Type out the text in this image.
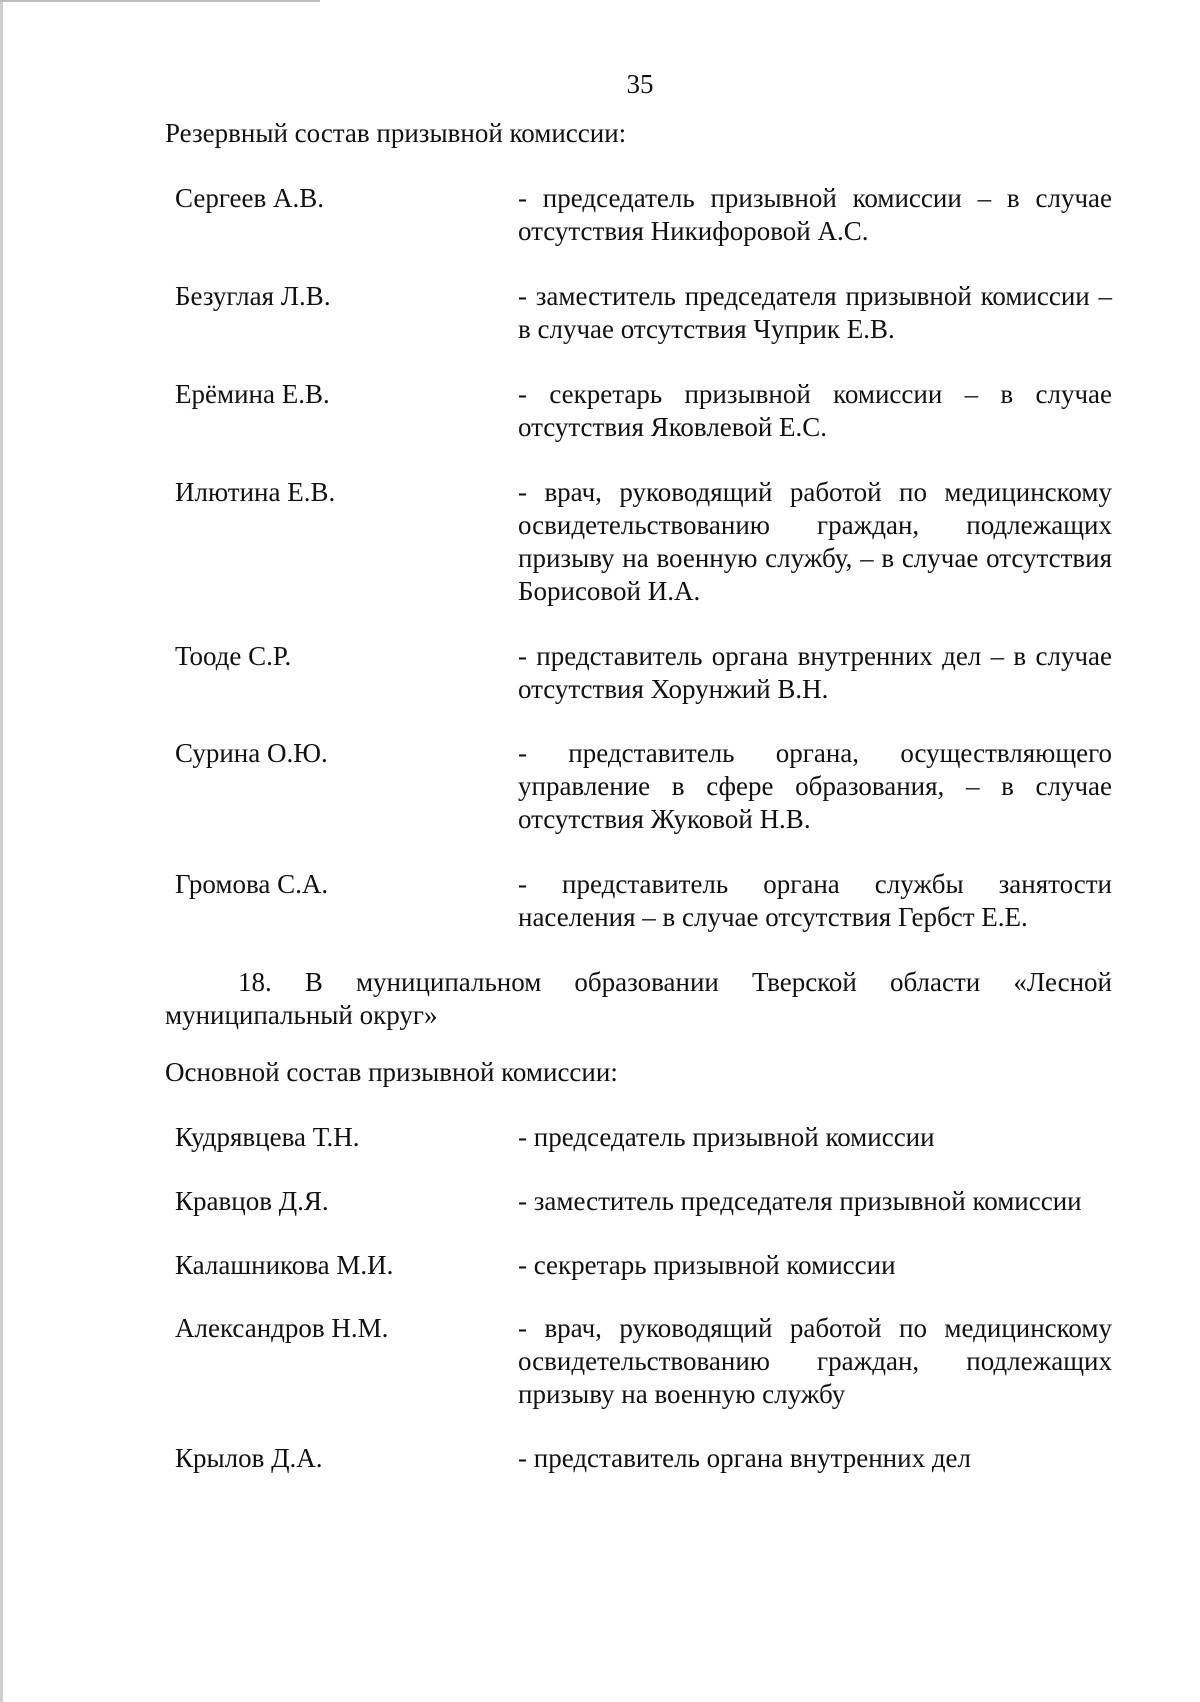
35
Резервный состав призывной комиссии:
Сергеев А.В.	- председатель призывной комиссии – в случае отсутствия Никифоровой А.С.
Безуглая Л.В.	- заместитель председателя призывной комиссии – в случае отсутствия Чуприк Е.В.
Ерёмина Е.В.	- секретарь призывной комиссии – в случае отсутствия Яковлевой Е.С.
Илютина Е.В.	- врач, руководящий работой по медицинскому освидетельствованию граждан, подлежащих призыву на военную службу, – в случае отсутствия Борисовой И.А.
Тооде С.Р.	- представитель органа внутренних дел – в случае отсутствия Хорунжий В.Н.
Сурина О.Ю.	- представитель органа, осуществляющего управление в сфере образования, – в случае отсутствия Жуковой Н.В.
Громова С.А.	- представитель органа службы занятости населения – в случае отсутствия Гербст Е.Е.
18. В муниципальном образовании Тверской области «Лесной муниципальный округ»
Основной состав призывной комиссии:
Кудрявцева Т.Н.	- председатель призывной комиссии
Кравцов Д.Я.	- заместитель председателя призывной комиссии
Калашникова М.И.	- секретарь призывной комиссии
Александров Н.М.	- врач, руководящий работой по медицинскому освидетельствованию граждан, подлежащих призыву на военную службу
Крылов Д.А.	- представитель органа внутренних дел
